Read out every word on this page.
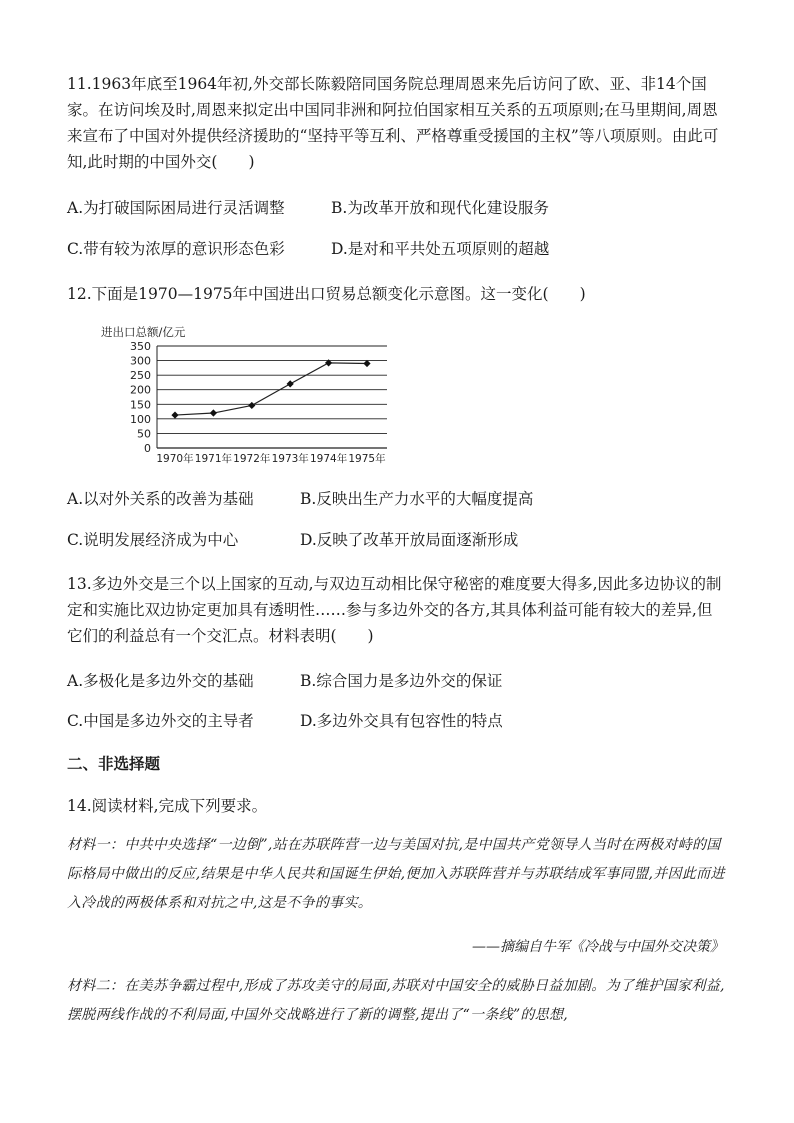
11.1963年底至1964年初,外交部长陈毅陪同国务院总理周恩来先后访问了欧、亚、非14个国家。在访问埃及时,周恩来拟定出中国同非洲和阿拉伯国家相互关系的五项原则;在马里期间,周恩来宣布了中国对外提供经济援助的“坚持平等互利、严格尊重受援国的主权”等八项原则。由此可知,此时期的中国外交(　　)

A.为打破国际困局进行灵活调整	B.为改革开放和现代化建设服务
C.带有较为浓厚的意识形态色彩	D.是对和平共处五项原则的超越

12.下面是1970—1975年中国进出口贸易总额变化示意图。这一变化(　　)

进出口总额/亿元
0
50
100
150
200
250
300
350
1970年 1971年 1972年 1973年 1974年 1975年
A.以对外关系的改善为基础	B.反映出生产力水平的大幅度提高
C.说明发展经济成为中心	D.反映了改革开放局面逐渐形成

13.多边外交是三个以上国家的互动,与双边互动相比保守秘密的难度要大得多,因此多边协议的制定和实施比双边协定更加具有透明性……参与多边外交的各方,其具体利益可能有较大的差异,但它们的利益总有一个交汇点。材料表明(　　)

A.多极化是多边外交的基础	B.综合国力是多边外交的保证
C.中国是多边外交的主导者	D.多边外交具有包容性的特点
二、非选择题
14.阅读材料,完成下列要求。
材料一：中共中央选择“一边倒”,站在苏联阵营一边与美国对抗,是中国共产党领导人当时在两极对峙的国际格局中做出的反应,结果是中华人民共和国诞生伊始,便加入苏联阵营并与苏联结成军事同盟,并因此而进入冷战的两极体系和对抗之中,这是不争的事实。
——摘编自牛军《冷战与中国外交决策》
材料二：在美苏争霸过程中,形成了苏攻美守的局面,苏联对中国安全的威胁日益加剧。为了维护国家利益,摆脱两线作战的不利局面,中国外交战略进行了新的调整,提出了“一条线”的思想,
